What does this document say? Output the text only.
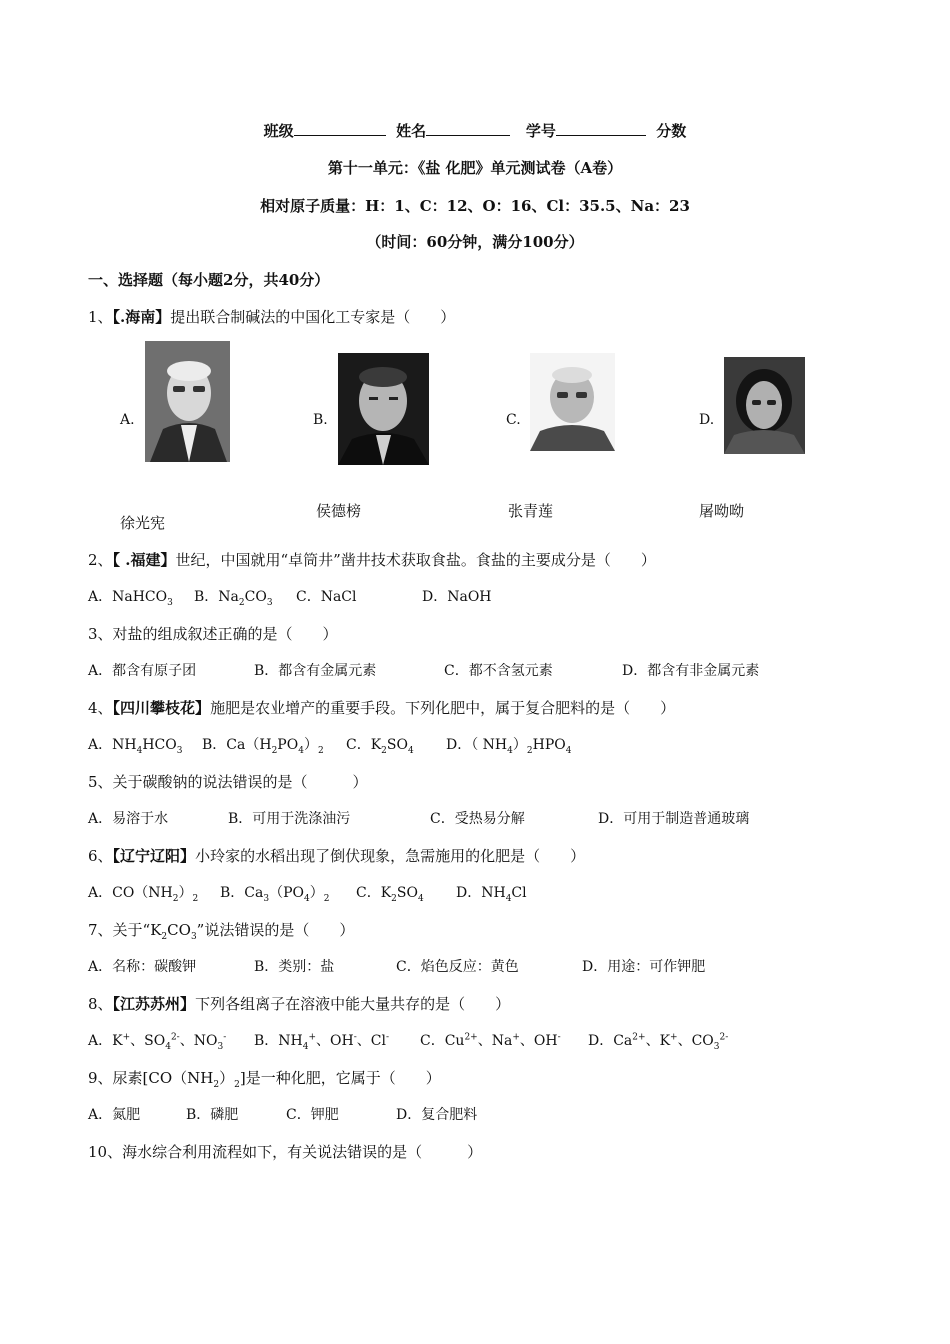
班级	姓名	学号	分数
第十一单元：《盐 化肥》单元测试卷（A卷）
相对原子质量：H：1、C：12、O：16、Cl：35.5、Na：23
（时间：60分钟，满分100分）
一、选择题（每小题2分，共40分）
1、【.海南】提出联合制碱法的中国化工专家是（　　）
A.
徐光宪
B.
侯德榜
C.
张青莲
D.
屠呦呦
2、【 .福建】世纪，中国就用“卓筒井”凿井技术获取食盐。食盐的主要成分是（　　）
A．NaHCO$_3$ B．$Na_2CO_3$ C．NaCl	D．NaOH
3、对盐的组成叙述正确的是（　　）
A．都含有原子团	B．都含有金属元素	C．都不含氢元素	D．都含有非金属元素
4、【四川攀枝花】施肥是农业增产的重要手段。下列化肥中，属于复合肥料的是（　　）
A．$NH_4HCO_3$ B．$Ca(H_2PO_4)_2$ C．$K_2SO_4$ D．（ $NH_4)_2HPO_4$
5、关于碳酸钠的说法错误的是（　　　）
A．易溶于水	B．可用于洗涤油污	C．受热易分解	D．可用于制造普通玻璃
6、【辽宁辽阳】小玲家的水稻出现了倒伏现象，急需施用的化肥是（　　）
A．$CO(NH_2)_2$ B．$Ca_3(PO_4)_2$ C．$K_2SO_4$ D．$NH_4Cl$
7、关于“$K_2CO_3$”说法错误的是（　　）
A．名称：碳酸钾	B．类别：盐	C．焰色反应：黄色	D．用途：可作钾肥
8、【江苏苏州】下列各组离子在溶液中能大量共存的是（　　）
A．K+、$SO_4^{2-}$、$NO_3^-$ B．$NH_4^+$、OH-、Cl- C．$Cu^{2+}$、Na+、OH- D．$Ca^{2+}$、K+、$CO_3^{2-}$
9、尿素$[CO(NH_2)_2]$是一种化肥，它属于（　　）
A．氮肥	B．磷肥	C．钾肥	D．复合肥料
10、海水综合利用流程如下，有关说法错误的是（　　　）
